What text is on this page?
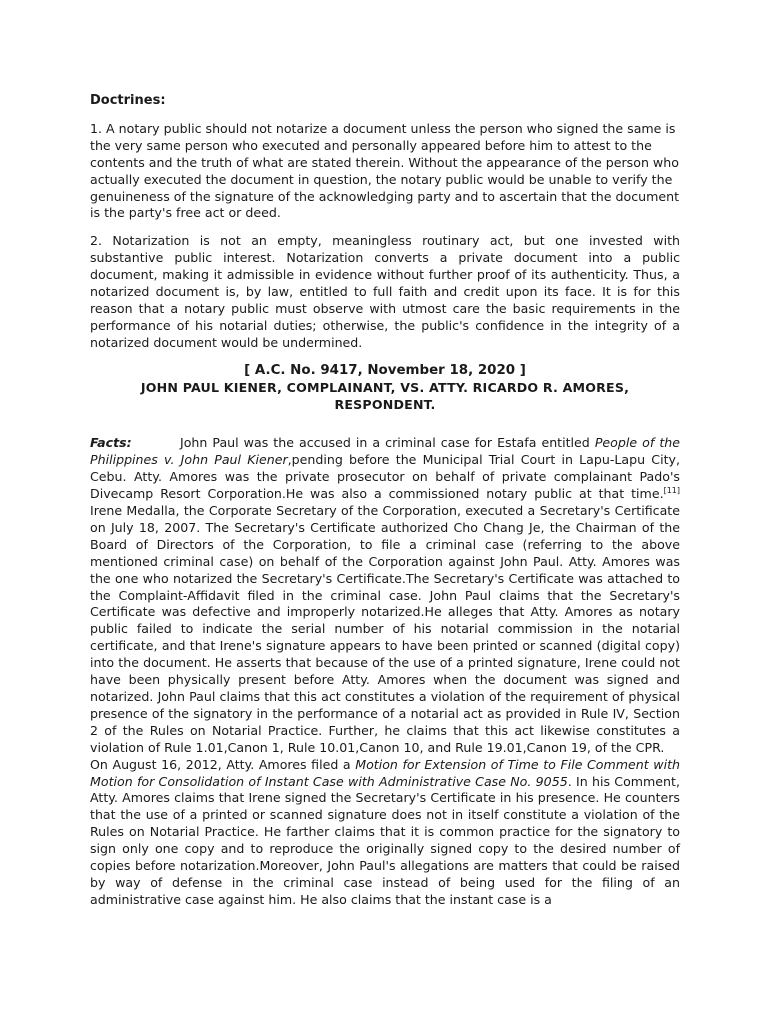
Doctrines:

1. A notary public should not notarize a document unless the person who signed the same is the very same person who executed and personally appeared before him to attest to the contents and the truth of what are stated therein. Without the appearance of the person who actually executed the document in question, the notary public would be unable to verify the genuineness of the signature of the acknowledging party and to ascertain that the document is the party's free act or deed.

2. Notarization is not an empty, meaningless routinary act, but one invested with substantive public interest. Notarization converts a private document into a public document, making it admissible in evidence without further proof of its authenticity. Thus, a notarized document is, by law, entitled to full faith and credit upon its face. It is for this reason that a notary public must observe with utmost care the basic requirements in the performance of his notarial duties; otherwise, the public's confidence in the integrity of a notarized document would be undermined.

[ A.C. No. 9417, November 18, 2020 ]

JOHN PAUL KIENER, COMPLAINANT, VS. ATTY. RICARDO R. AMORES,

RESPONDENT.

Facts:	John Paul was the accused in a criminal case for Estafa entitled People of the Philippines v. John Paul Kiener,pending before the Municipal Trial Court in Lapu-Lapu City, Cebu. Atty. Amores was the private prosecutor on behalf of private complainant Pado's Divecamp Resort Corporation.He was also a commissioned notary public at that time.[11] Irene Medalla, the Corporate Secretary of the Corporation, executed a Secretary's Certificate on July 18, 2007. The Secretary's Certificate authorized Cho Chang Je, the Chairman of the Board of Directors of the Corporation, to file a criminal case (referring to the above mentioned criminal case) on behalf of the Corporation against John Paul. Atty. Amores was the one who notarized the Secretary's Certificate.The Secretary's Certificate was attached to the Complaint-Affidavit filed in the criminal case. John Paul claims that the Secretary's Certificate was defective and improperly notarized.He alleges that Atty. Amores as notary public failed to indicate the serial number of his notarial commission in the notarial certificate, and that Irene's signature appears to have been printed or scanned (digital copy) into the document. He asserts that because of the use of a printed signature, Irene could not have been physically present before Atty. Amores when the document was signed and notarized. John Paul claims that this act constitutes a violation of the requirement of physical presence of the signatory in the performance of a notarial act as provided in Rule IV, Section 2 of the Rules on Notarial Practice. Further, he claims that this act likewise constitutes a violation of Rule 1.01,Canon 1, Rule 10.01,Canon 10, and Rule 19.01,Canon 19, of the CPR.
On August 16, 2012, Atty. Amores filed a Motion for Extension of Time to File Comment with Motion for Consolidation of Instant Case with Administrative Case No. 9055. In his Comment, Atty. Amores claims that Irene signed the Secretary's Certificate in his presence. He counters that the use of a printed or scanned signature does not in itself constitute a violation of the Rules on Notarial Practice. He farther claims that it is common practice for the signatory to sign only one copy and to reproduce the originally signed copy to the desired number of copies before notarization.Moreover, John Paul's allegations are matters that could be raised by way of defense in the criminal case instead of being used for the filing of an administrative case against him. He also claims that the instant case is a
